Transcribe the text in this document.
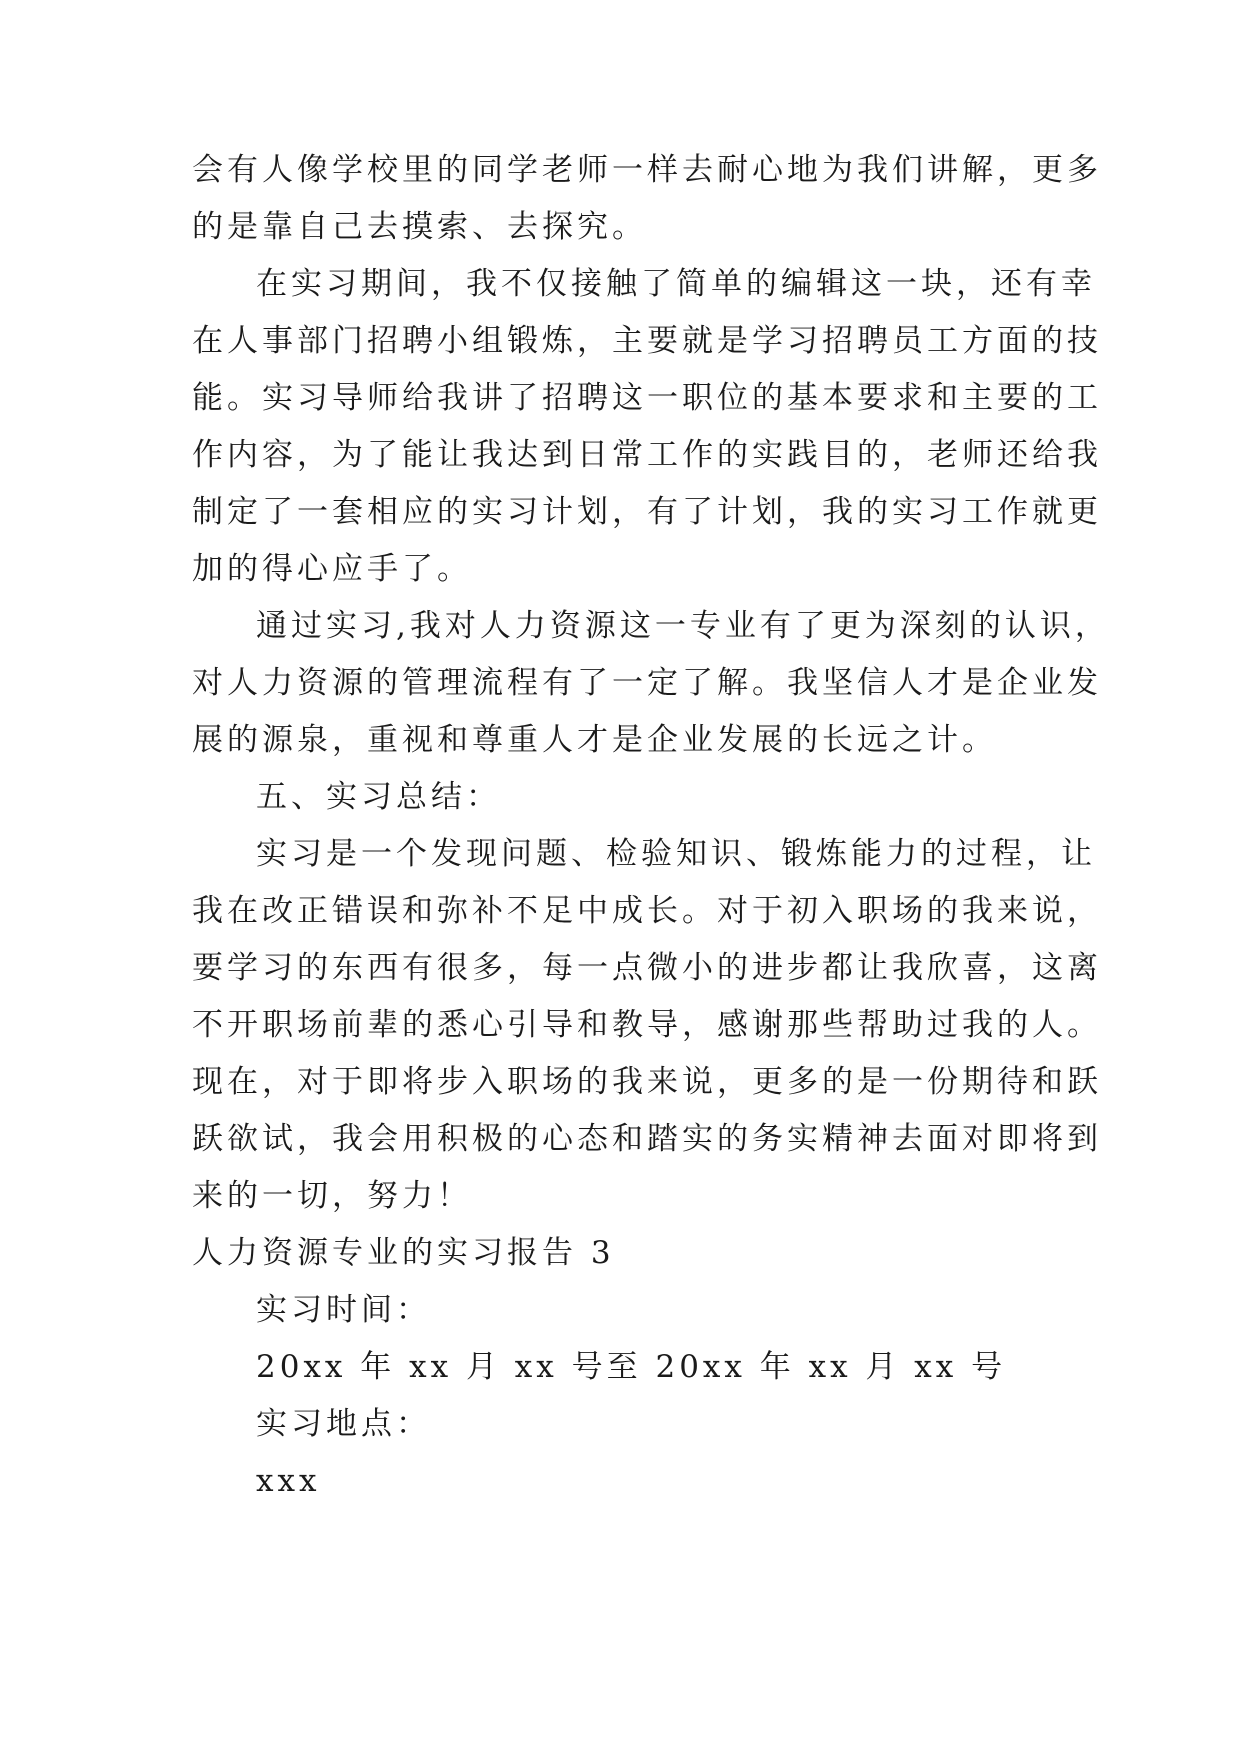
会有人像学校里的同学老师一样去耐心地为我们讲解，更多
的是靠自己去摸索、去探究。
在实习期间，我不仅接触了简单的编辑这一块，还有幸
在人事部门招聘小组锻炼，主要就是学习招聘员工方面的技
能。实习导师给我讲了招聘这一职位的基本要求和主要的工
作内容，为了能让我达到日常工作的实践目的，老师还给我
制定了一套相应的实习计划，有了计划，我的实习工作就更
加的得心应手了。
通过实习,我对人力资源这一专业有了更为深刻的认识，
对人力资源的管理流程有了一定了解。我坚信人才是企业发
展的源泉，重视和尊重人才是企业发展的长远之计。
五、实习总结：
实习是一个发现问题、检验知识、锻炼能力的过程，让
我在改正错误和弥补不足中成长。对于初入职场的我来说，
要学习的东西有很多，每一点微小的进步都让我欣喜，这离
不开职场前辈的悉心引导和教导，感谢那些帮助过我的人。
现在，对于即将步入职场的我来说，更多的是一份期待和跃
跃欲试，我会用积极的心态和踏实的务实精神去面对即将到
来的一切，努力！
人力资源专业的实习报告 3
实习时间：
20xx 年 xx 月 xx 号至 20xx 年 xx 月 xx 号
实习地点：
xxx
